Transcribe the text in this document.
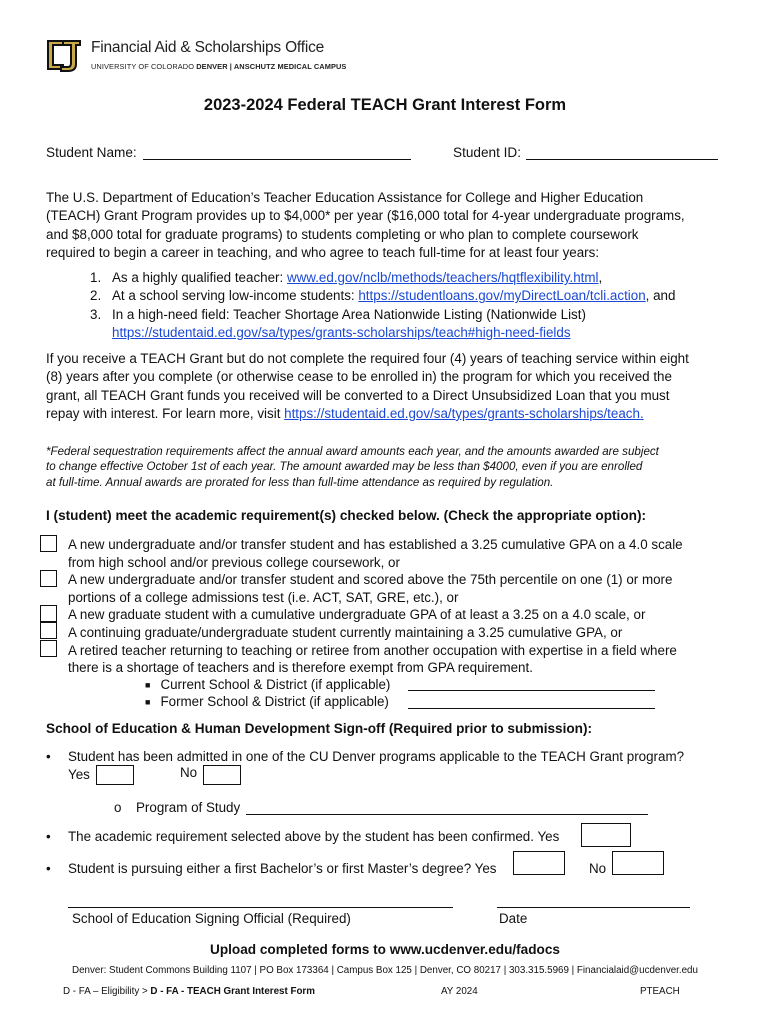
Financial Aid & Scholarships Office
UNIVERSITY OF COLORADO DENVER | ANSCHUTZ MEDICAL CAMPUS
2023-2024 Federal TEACH Grant Interest Form
Student Name:	Student ID:
The U.S. Department of Education’s Teacher Education Assistance for College and Higher Education
(TEACH) Grant Program provides up to $4,000* per year ($16,000 total for 4-year undergraduate programs,
and $8,000 total for graduate programs) to students completing or who plan to complete coursework
required to begin a career in teaching, and who agree to teach full-time for at least four years:
1. As a highly qualified teacher: www.ed.gov/nclb/methods/teachers/hqtflexibility.html,
2. At a school serving low-income students: https://studentloans.gov/myDirectLoan/tcli.action, and
3. In a high-need field: Teacher Shortage Area Nationwide Listing (Nationwide List)
https://studentaid.ed.gov/sa/types/grants-scholarships/teach#high-need-fields
If you receive a TEACH Grant but do not complete the required four (4) years of teaching service within eight
(8) years after you complete (or otherwise cease to be enrolled in) the program for which you received the
grant, all TEACH Grant funds you received will be converted to a Direct Unsubsidized Loan that you must
repay with interest. For learn more, visit https://studentaid.ed.gov/sa/types/grants-scholarships/teach.
*Federal sequestration requirements affect the annual award amounts each year, and the amounts awarded are subject
to change effective October 1st of each year. The amount awarded may be less than $4000, even if you are enrolled
at full-time. Annual awards are prorated for less than full-time attendance as required by regulation.
I (student) meet the academic requirement(s) checked below. (Check the appropriate option):
A new undergraduate and/or transfer student and has established a 3.25 cumulative GPA on a 4.0 scale
from high school and/or previous college coursework, or
A new undergraduate and/or transfer student and scored above the 75th percentile on one (1) or more
portions of a college admissions test (i.e. ACT, SAT, GRE, etc.), or
A new graduate student with a cumulative undergraduate GPA of at least a 3.25 on a 4.0 scale, or
A continuing graduate/undergraduate student currently maintaining a 3.25 cumulative GPA, or
A retired teacher returning to teaching or retiree from another occupation with expertise in a field where
there is a shortage of teachers and is therefore exempt from GPA requirement.
■ Current School & District (if applicable)
■ Former School & District (if applicable)
School of Education & Human Development Sign-off (Required prior to submission):
• Student has been admitted in one of the CU Denver programs applicable to the TEACH Grant program?
Yes	No
o Program of Study
• The academic requirement selected above by the student has been confirmed. Yes
• Student is pursuing either a first Bachelor’s or first Master’s degree? Yes	No
School of Education Signing Official (Required)	Date
Upload completed forms to www.ucdenver.edu/fadocs
Denver: Student Commons Building 1107 | PO Box 173364 | Campus Box 125 | Denver, CO 80217 | 303.315.5969 | Financialaid@ucdenver.edu
D - FA – Eligibility > D - FA - TEACH Grant Interest Form	AY 2024	PTEACH
